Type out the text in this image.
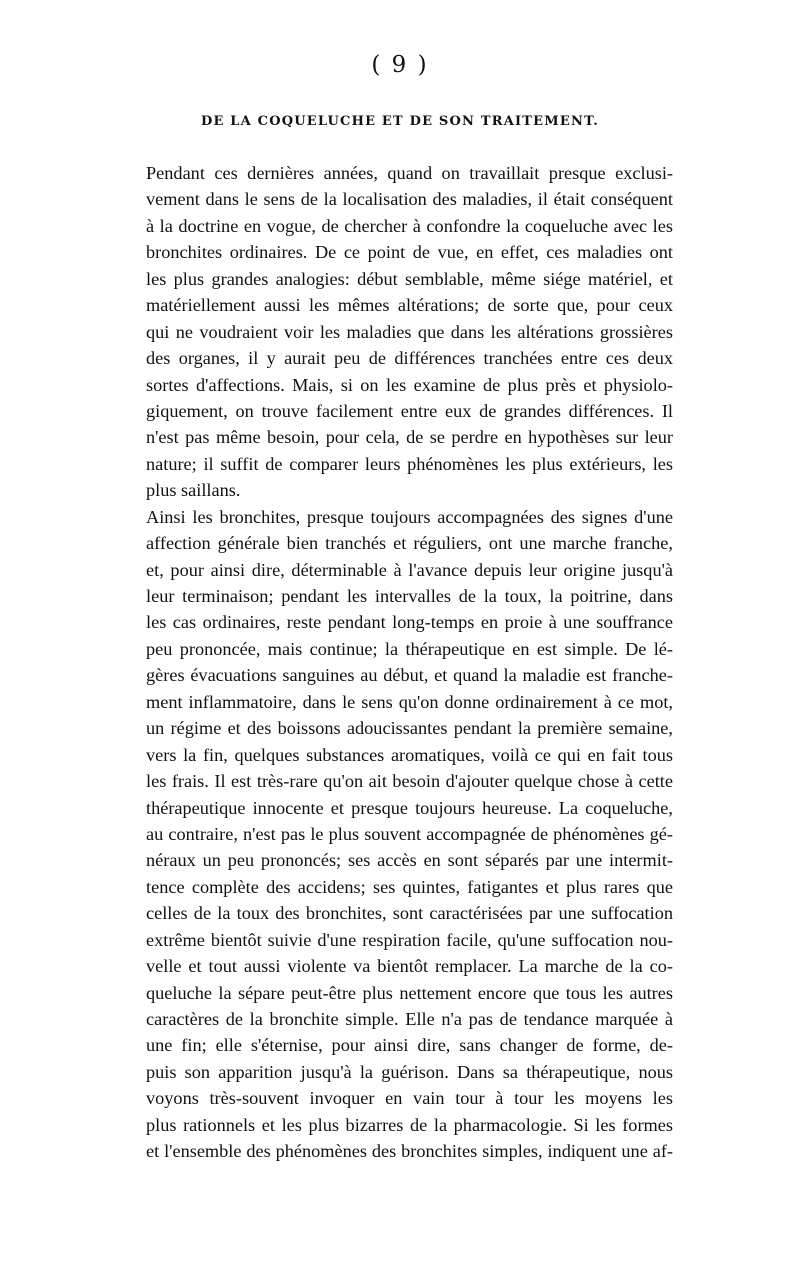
( 9 )
DE LA COQUELUCHE ET DE SON TRAITEMENT.
Pendant ces dernières années, quand on travaillait presque exclusi-
vement dans le sens de la localisation des maladies, il était conséquent
à la doctrine en vogue, de chercher à confondre la coqueluche avec les
bronchites ordinaires. De ce point de vue, en effet, ces maladies ont
les plus grandes analogies: début semblable, même siége matériel, et
matériellement aussi les mêmes altérations; de sorte que, pour ceux
qui ne voudraient voir les maladies que dans les altérations grossières
des organes, il y aurait peu de différences tranchées entre ces deux
sortes d'affections. Mais, si on les examine de plus près et physiolo-
giquement, on trouve facilement entre eux de grandes différences. Il
n'est pas même besoin, pour cela, de se perdre en hypothèses sur leur
nature; il suffit de comparer leurs phénomènes les plus extérieurs, les
plus saillans.
Ainsi les bronchites, presque toujours accompagnées des signes d'une
affection générale bien tranchés et réguliers, ont une marche franche,
et, pour ainsi dire, déterminable à l'avance depuis leur origine jusqu'à
leur terminaison; pendant les intervalles de la toux, la poitrine, dans
les cas ordinaires, reste pendant long-temps en proie à une souffrance
peu prononcée, mais continue; la thérapeutique en est simple. De lé-
gères évacuations sanguines au début, et quand la maladie est franche-
ment inflammatoire, dans le sens qu'on donne ordinairement à ce mot,
un régime et des boissons adoucissantes pendant la première semaine,
vers la fin, quelques substances aromatiques, voilà ce qui en fait tous
les frais. Il est très-rare qu'on ait besoin d'ajouter quelque chose à cette
thérapeutique innocente et presque toujours heureuse. La coqueluche,
au contraire, n'est pas le plus souvent accompagnée de phénomènes gé-
néraux un peu prononcés; ses accès en sont séparés par une intermit-
tence complète des accidens; ses quintes, fatigantes et plus rares que
celles de la toux des bronchites, sont caractérisées par une suffocation
extrême bientôt suivie d'une respiration facile, qu'une suffocation nou-
velle et tout aussi violente va bientôt remplacer. La marche de la co-
queluche la sépare peut-être plus nettement encore que tous les autres
caractères de la bronchite simple. Elle n'a pas de tendance marquée à
une fin; elle s'éternise, pour ainsi dire, sans changer de forme, de-
puis son apparition jusqu'à la guérison. Dans sa thérapeutique, nous
voyons très-souvent invoquer en vain tour à tour les moyens les
plus rationnels et les plus bizarres de la pharmacologie. Si les formes
et l'ensemble des phénomènes des bronchites simples, indiquent une af-
